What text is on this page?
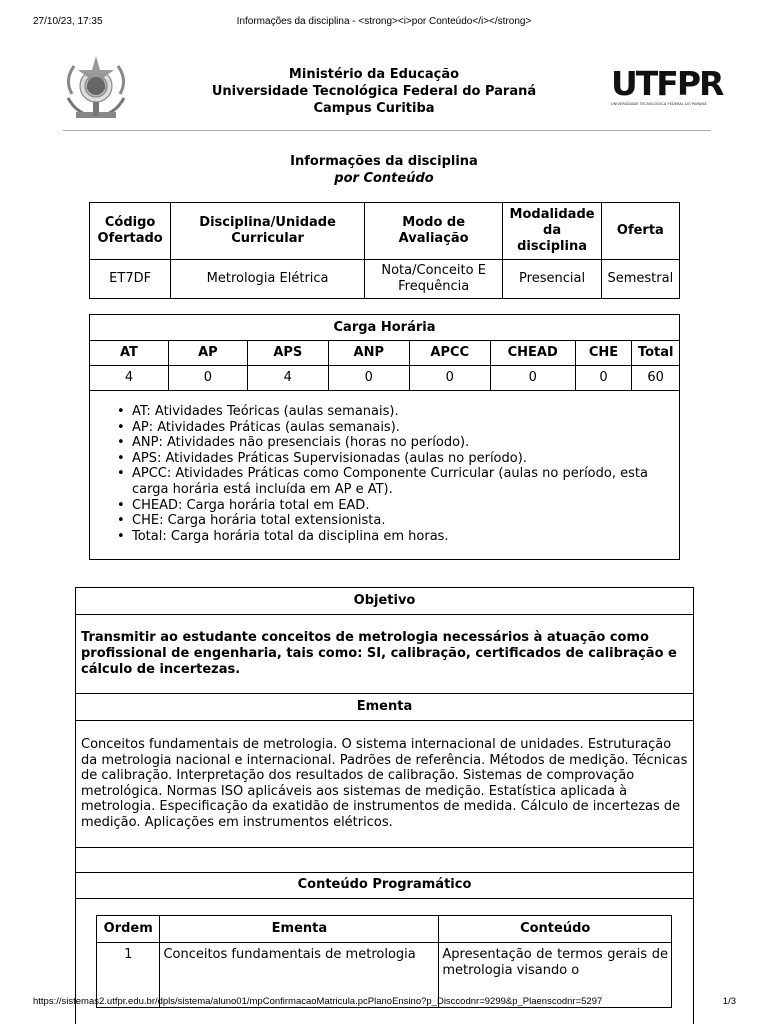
27/10/23, 17:35	Informações da disciplina - <strong><i>por Conteúdo</i></strong>
Ministério da Educação
Universidade Tecnológica Federal do Paraná
Campus Curitiba
UTFPR
UNIVERSIDADE TECNOLÓGICA FEDERAL DO PARANÁ
Informações da disciplina
por Conteúdo
Código Ofertado	Disciplina/Unidade Curricular	Modo de Avaliação	Modalidade da disciplina	Oferta
ET7DF	Metrologia Elétrica	Nota/Conceito E Frequência	Presencial	Semestral
Carga Horária							
AT	AP	APS	ANP	APCC	CHEAD	CHE	Total
4	0	4	0	0	0	0	60
• AT: Atividades Teóricas (aulas semanais).
• AP: Atividades Práticas (aulas semanais).
• ANP: Atividades não presenciais (horas no período).
• APS: Atividades Práticas Supervisionadas (aulas no período).
• APCC: Atividades Práticas como Componente Curricular (aulas no período, esta carga horária está incluída em AP e AT).
• CHEAD: Carga horária total em EAD.
• CHE: Carga horária total extensionista.
• Total: Carga horária total da disciplina em horas.
Objetivo
Transmitir ao estudante conceitos de metrologia necessários à atuação como profissional de engenharia, tais como: SI, calibração, certificados de calibração e cálculo de incertezas.
Ementa
Conceitos fundamentais de metrologia. O sistema internacional de unidades. Estruturação da metrologia nacional e internacional. Padrões de referência. Métodos de medição. Técnicas de calibração. Interpretação dos resultados de calibração. Sistemas de comprovação metrológica. Normas ISO aplicáveis aos sistemas de medição. Estatística aplicada à metrologia. Especificação da exatidão de instrumentos de medida. Cálculo de incertezas de medição. Aplicações em instrumentos elétricos.
Conteúdo Programático
Ordem	Ementa	Conteúdo
1	Conceitos fundamentais de metrologia	Apresentação de termos gerais de metrologia visando o
https://sistemas2.utfpr.edu.br/dpls/sistema/aluno01/mpConfirmacaoMatricula.pcPlanoEnsino?p_Disccodnr=9299&p_Plaenscodnr=5297	1/3
